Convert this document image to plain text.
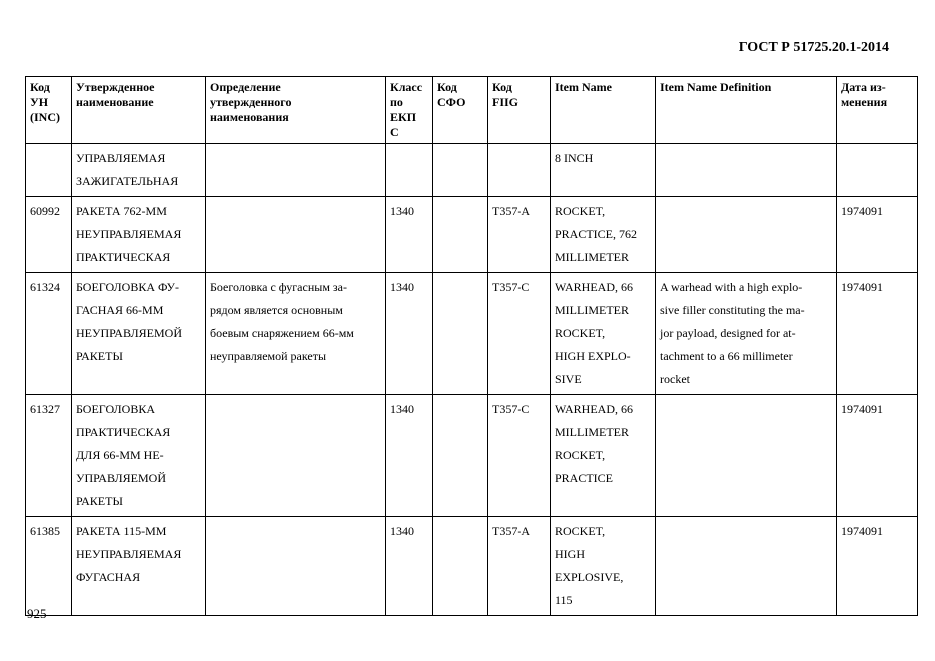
ГОСТ Р 51725.20.1-2014
Код
УН
(INC)	Утвержденное
наименование	Определение
утвержденного
наименования	Класс
по
ЕКП
С	Код
СФО	Код
FIIG	Item Name	Item Name Definition	Дата из-
менения

	УПРАВЛЯЕМАЯ
ЗАЖИГАТЕЛЬНАЯ					8 INCH		

60992	РАКЕТА 762-ММ
НЕУПРАВЛЯЕМАЯ
ПРАКТИЧЕСКАЯ		1340		T357-A	ROCKET,
PRACTICE, 762
MILLIMETER		1974091
61324	БОЕГОЛОВКА ФУ-
ГАСНАЯ 66-ММ
НЕУПРАВЛЯЕМОЙ
РАКЕТЫ	Боеголовка с фугасным за-
рядом является основным
боевым снаряжением 66-мм
неуправляемой ракеты	1340		T357-C	WARHEAD, 66
MILLIMETER
ROCKET,
HIGH EXPLO-
SIVE	A warhead with a high explo-
sive filler constituting the ma-
jor payload, designed for at-
tachment to a 66 millimeter
rocket	1974091
61327	БОЕГОЛОВКА
ПРАКТИЧЕСКАЯ
ДЛЯ 66-ММ НЕ-
УПРАВЛЯЕМОЙ
РАКЕТЫ		1340		T357-C	WARHEAD, 66
MILLIMETER
ROCKET,
PRACTICE		1974091
61385	РАКЕТА 115-ММ
НЕУПРАВЛЯЕМАЯ
ФУГАСНАЯ		1340		T357-A	ROCKET,
HIGH
EXPLOSIVE,
115		1974091
925
